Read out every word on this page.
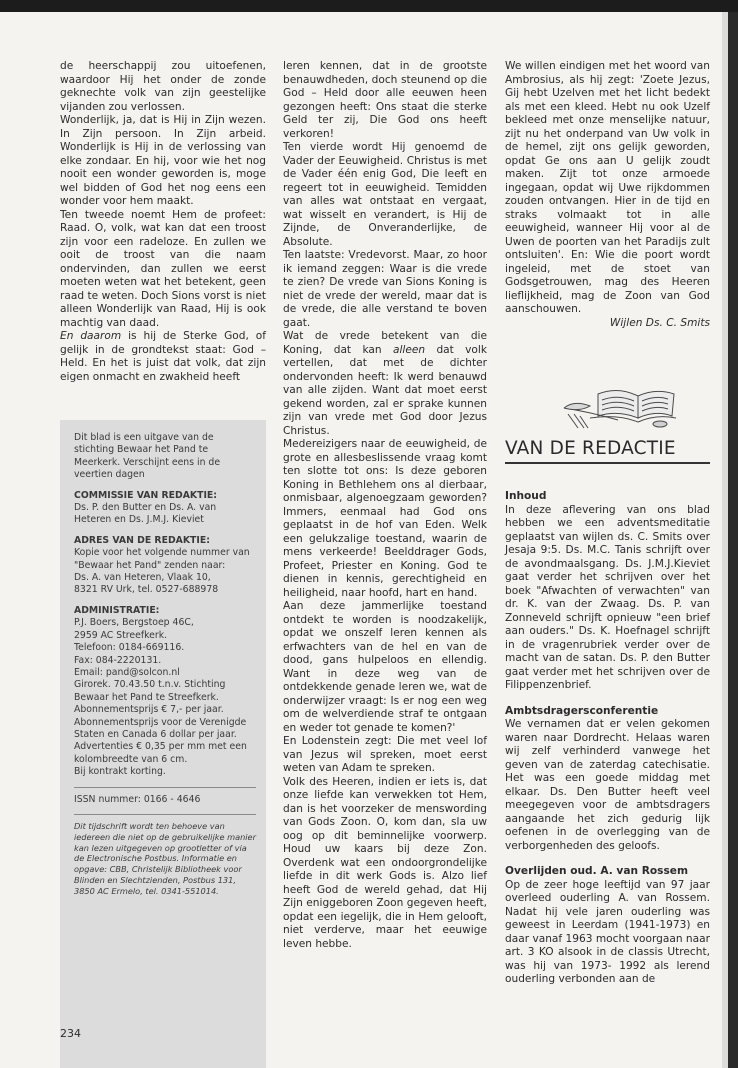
de heerschappij zou uitoefenen, waardoor Hij het onder de zonde geknechte volk van zijn geestelijke vijanden zou verlossen.

Wonderlijk, ja, dat is Hij in Zijn wezen. In Zijn persoon. In Zijn arbeid. Wonderlijk is Hij in de verlossing van elke zondaar. En hij, voor wie het nog nooit een wonder geworden is, moge wel bidden of God het nog eens een wonder voor hem maakt.

Ten tweede noemt Hem de profeet: Raad. O, volk, wat kan dat een troost zijn voor een radeloze. En zullen we ooit de troost van die naam ondervinden, dan zullen we eerst moeten weten wat het betekent, geen raad te weten. Doch Sions vorst is niet alleen Wonderlijk van Raad, Hij is ook machtig van daad.

En daarom is hij de Sterke God, of gelijk in de grondtekst staat: God – Held. En het is juist dat volk, dat zijn eigen onmacht en zwakheid heeft

Dit blad is een uitgave van de stichting Bewaar het Pand te Meerkerk. Verschijnt eens in de veertien dagen

COMMISSIE VAN REDAKTIE:

Ds. P. den Butter en Ds. A. van Heteren en Ds. J.M.J. Kieviet

ADRES VAN DE REDAKTIE:

Kopie voor het volgende nummer van "Bewaar het Pand" zenden naar:

Ds. A. van Heteren, Vlaak 10,

8321 RV Urk, tel. 0527-688978

ADMINISTRATIE:

P.J. Boers, Bergstoep 46C,

2959 AC Streefkerk.

Telefoon: 0184-669116.

Fax: 084-2220131.

Email: pand@solcon.nl

Girorek. 70.43.50 t.n.v. Stichting Bewaar het Pand te Streefkerk.

Abonnementsprijs € 7,- per jaar.

Abonnementsprijs voor de Verenigde Staten en Canada 6 dollar per jaar.

Advertenties € 0,35 per mm met een kolombreedte van 6 cm.

Bij kontrakt korting.

ISSN nummer: 0166 - 4646

Dit tijdschrift wordt ten behoeve van iedereen die niet op de gebruikelijke manier kan lezen uitgegeven op grootletter of via de Electronische Postbus. Informatie en opgave: CBB, Christelijk Bibliotheek voor Blinden en Slechtzienden, Postbus 131, 3850 AC Ermelo, tel. 0341-551014.

leren kennen, dat in de grootste benauwdheden, doch steunend op die God – Held door alle eeuwen heen gezongen heeft: Ons staat die sterke Geld ter zij, Die God ons heeft verkoren!

Ten vierde wordt Hij genoemd de Vader der Eeuwigheid. Christus is met de Vader één enig God, Die leeft en regeert tot in eeuwigheid. Temidden van alles wat ontstaat en vergaat, wat wisselt en verandert, is Hij de Zijnde, de Onveranderlijke, de Absolute.

Ten laatste: Vredevorst. Maar, zo hoor ik iemand zeggen: Waar is die vrede te zien? De vrede van Sions Koning is niet de vrede der wereld, maar dat is de vrede, die alle verstand te boven gaat.

Wat de vrede betekent van die Koning, dat kan alleen dat volk vertellen, dat met de dichter ondervonden heeft: Ik werd benauwd van alle zijden. Want dat moet eerst gekend worden, zal er sprake kunnen zijn van vrede met God door Jezus Christus.

Medereizigers naar de eeuwigheid, de grote en allesbeslissende vraag komt ten slotte tot ons: Is deze geboren Koning in Bethlehem ons al dierbaar, onmisbaar, algenoegzaam geworden? Immers, eenmaal had God ons geplaatst in de hof van Eden. Welk een gelukzalige toestand, waarin de mens verkeerde! Beelddrager Gods, Profeet, Priester en Koning. God te dienen in kennis, gerechtigheid en heiligheid, naar hoofd, hart en hand.

Aan deze jammerlijke toestand ontdekt te worden is noodzakelijk, opdat we onszelf leren kennen als erfwachters van de hel en van de dood, gans hulpeloos en ellendig. Want in deze weg van de ontdekkende genade leren we, wat de onderwijzer vraagt: Is er nog een weg om de welverdiende straf te ontgaan en weder tot genade te komen?'

En Lodenstein zegt: Die met veel lof van Jezus wil spreken, moet eerst weten van Adam te spreken.

Volk des Heeren, indien er iets is, dat onze liefde kan verwekken tot Hem, dan is het voorzeker de menswording van Gods Zoon. O, kom dan, sla uw oog op dit beminnelijke voorwerp. Houd uw kaars bij deze Zon. Overdenk wat een ondoorgrondelijke liefde in dit werk Gods is. Alzo lief heeft God de wereld gehad, dat Hij Zijn eniggeboren Zoon gegeven heeft, opdat een iegelijk, die in Hem gelooft, niet verderve, maar het eeuwige leven hebbe.

We willen eindigen met het woord van Ambrosius, als hij zegt: 'Zoete Jezus, Gij hebt Uzelven met het licht bedekt als met een kleed. Hebt nu ook Uzelf bekleed met onze menselijke natuur, zijt nu het onderpand van Uw volk in de hemel, zijt ons gelijk geworden, opdat Ge ons aan U gelijk zoudt maken. Zijt tot onze armoede ingegaan, opdat wij Uwe rijkdommen zouden ontvangen. Hier in de tijd en straks volmaakt tot in alle eeuwigheid, wanneer Hij voor al de Uwen de poorten van het Paradijs zult ontsluiten'. En: Wie die poort wordt ingeleid, met de stoet van Godsgetrouwen, mag des Heeren lieflijkheid, mag de Zoon van God aanschouwen.

Wijlen Ds. C. Smits

VAN DE REDACTIE

Inhoud

In deze aflevering van ons blad hebben we een adventsmeditatie geplaatst van wijlen ds. C. Smits over Jesaja 9:5. Ds. M.C. Tanis schrijft over de avondmaalsgang. Ds. J.M.J.Kieviet gaat verder het schrijven over het boek "Afwachten of verwachten" van dr. K. van der Zwaag. Ds. P. van Zonneveld schrijft opnieuw "een brief aan ouders." Ds. K. Hoefnagel schrijft in de vragenrubriek verder over de macht van de satan. Ds. P. den Butter gaat verder met het schrijven over de Filippenzenbrief.

Ambtsdragersconferentie

We vernamen dat er velen gekomen waren naar Dordrecht. Helaas waren wij zelf verhinderd vanwege het geven van de zaterdag catechisatie. Het was een goede middag met elkaar. Ds. Den Butter heeft veel meegegeven voor de ambtsdragers aangaande het zich gedurig lijk oefenen in de overlegging van de verborgenheden des geloofs.

Overlijden oud. A. van Rossem

Op de zeer hoge leeftijd van 97 jaar overleed ouderling A. van Rossem. Nadat hij vele jaren ouderling was geweest in Leerdam (1941-1973) en daar vanaf 1963 mocht voorgaan naar art. 3 KO alsook in de classis Utrecht, was hij van 1973- 1992 als lerend ouderling verbonden aan de

234
